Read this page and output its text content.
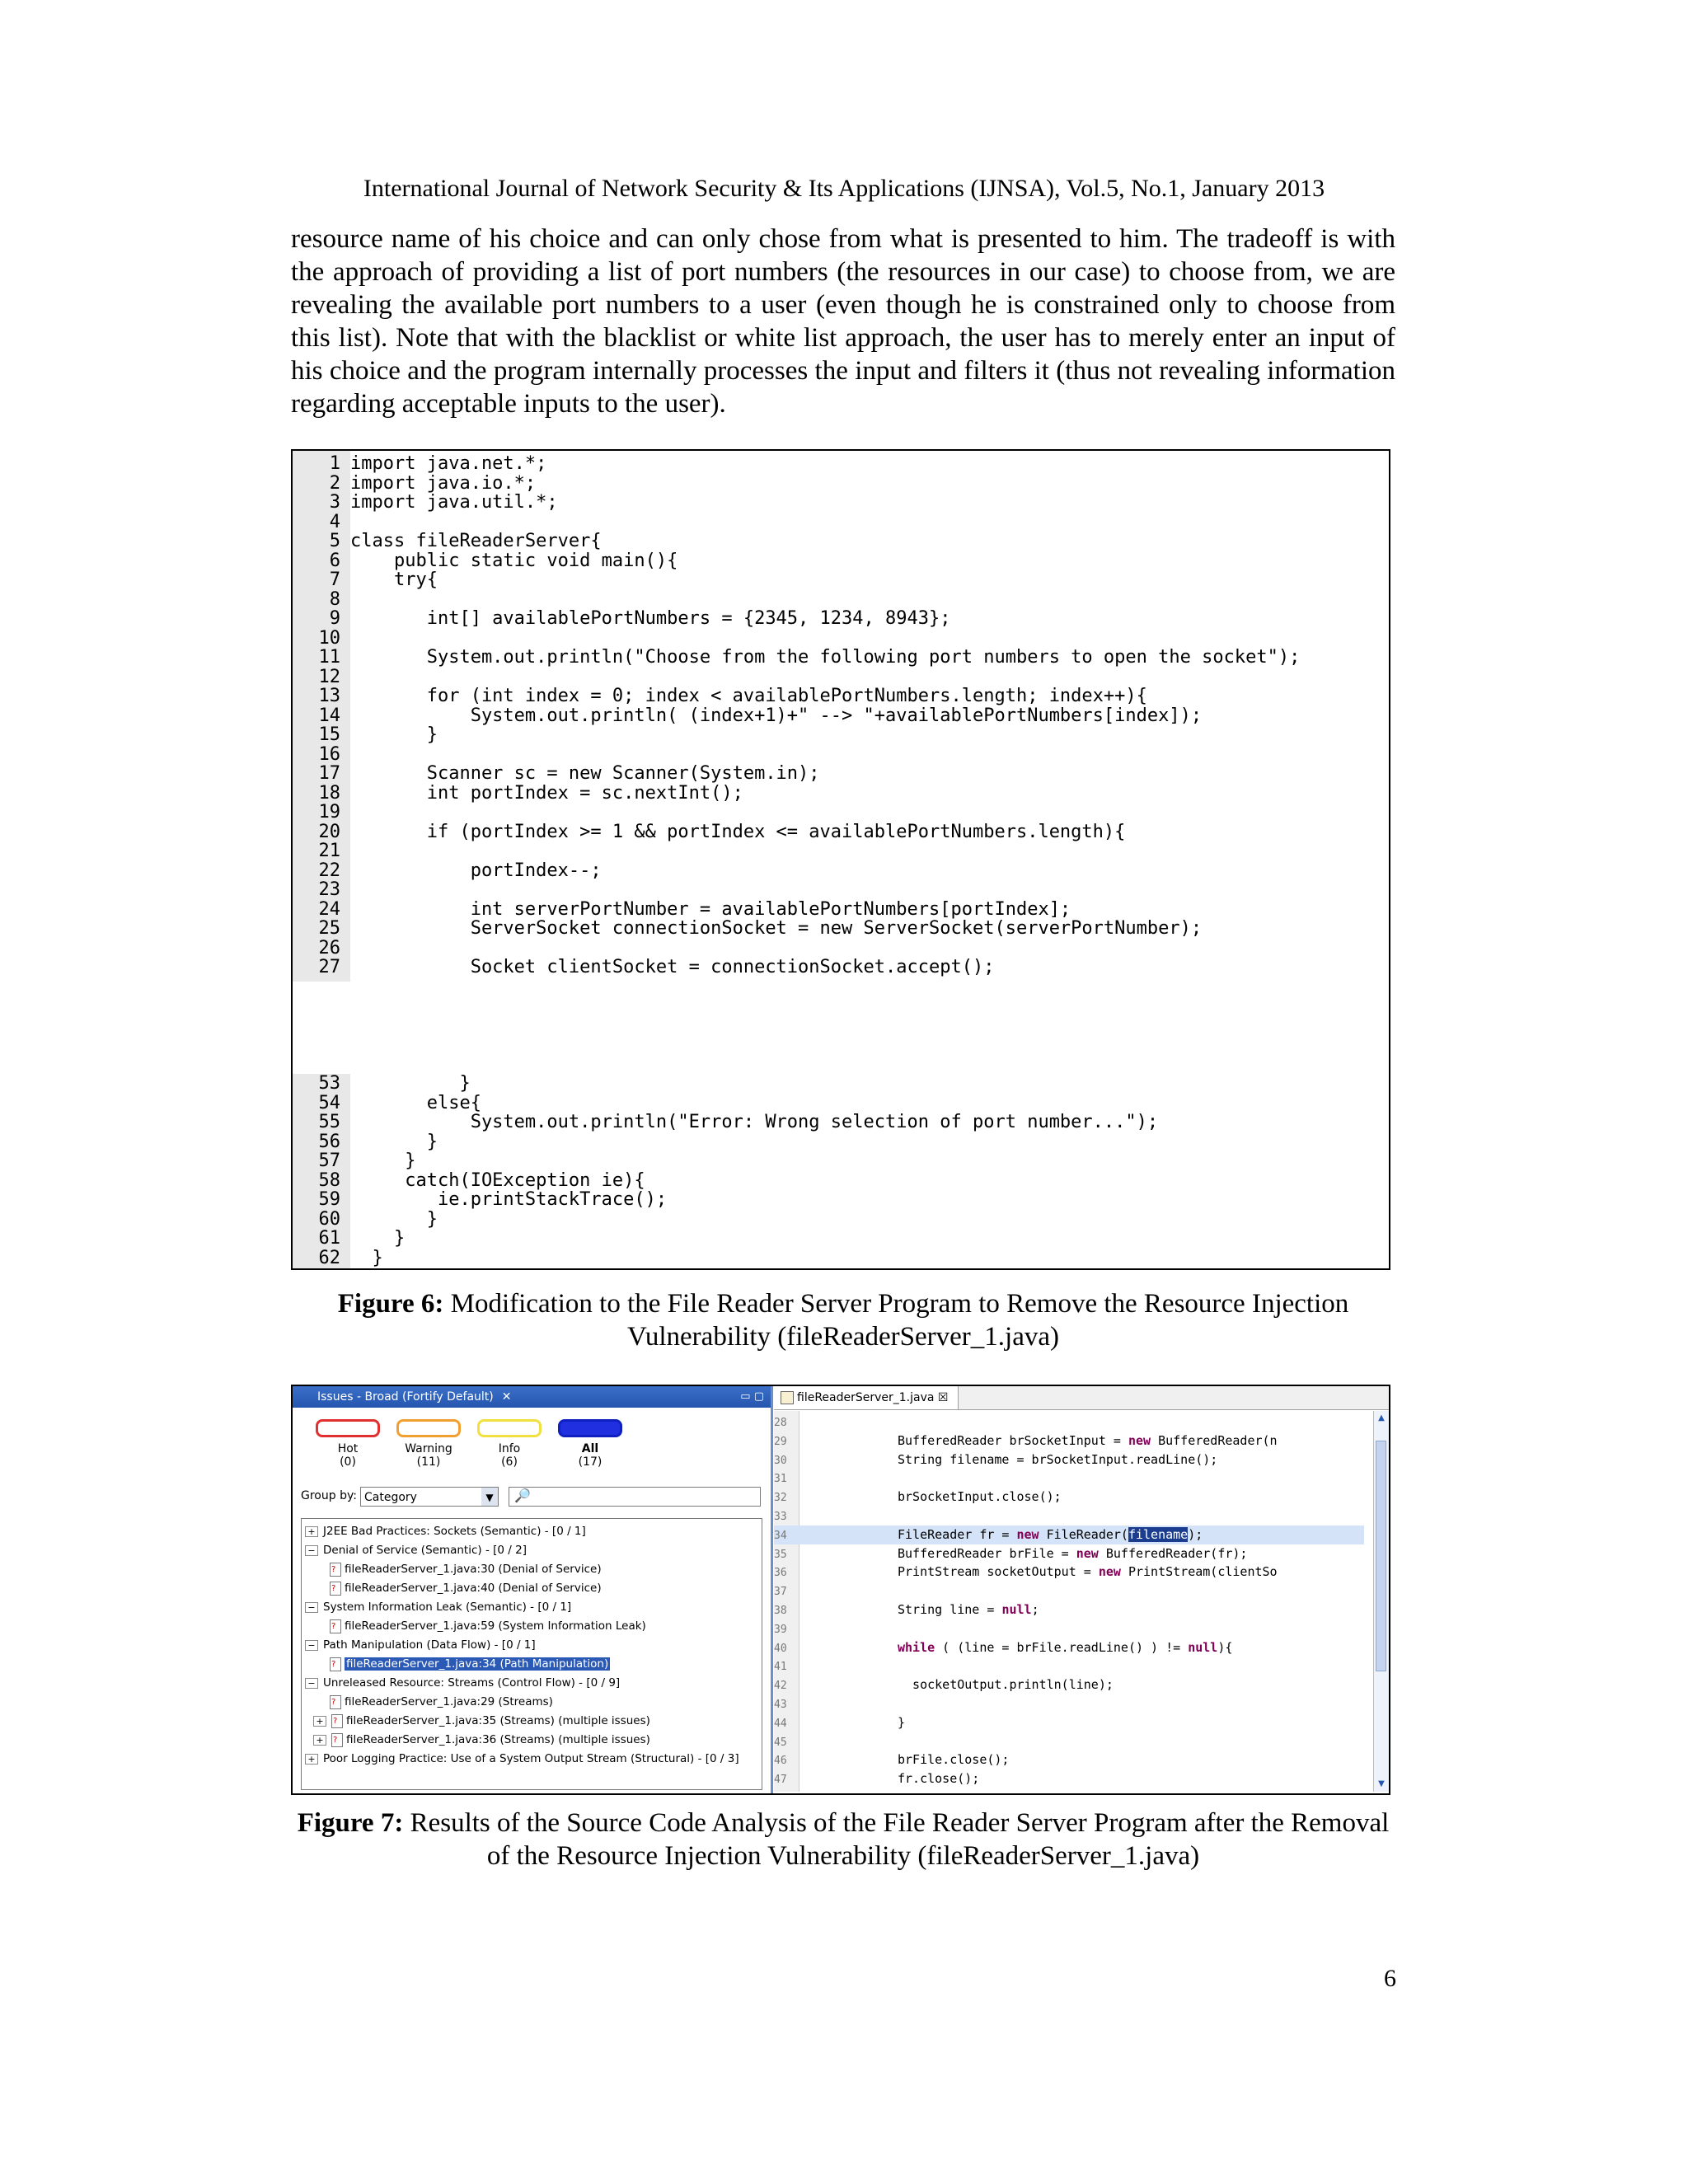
International Journal of Network Security & Its Applications (IJNSA), Vol.5, No.1, January 2013

resource name of his choice and can only chose from what is presented to him. The tradeoff is with the approach of providing a list of port numbers (the resources in our case) to choose from, we are revealing the available port numbers to a user (even though he is constrained only to choose from this list). Note that with the blacklist or white list approach, the user has to merely enter an input of his choice and the program internally processes the input and filters it (thus not revealing information regarding acceptable inputs to the user).

1 import java.net.*;
2 import java.io.*;
3 import java.util.*;
4
5 class fileReaderServer{
6 public static void main(){
7 try{
8
9 int[] availablePortNumbers = {2345, 1234, 8943};
10
11 System.out.println("Choose from the following port numbers to open the socket");
12
13 for (int index = 0; index < availablePortNumbers.length; index++){
14 System.out.println( (index+1)+" --> "+availablePortNumbers[index]);
15 }
16
17 Scanner sc = new Scanner(System.in);
18 int portIndex = sc.nextInt();
19
20 if (portIndex >= 1 && portIndex <= availablePortNumbers.length){
21
22 portIndex--;
23
24 int serverPortNumber = availablePortNumbers[portIndex];
25 ServerSocket connectionSocket = new ServerSocket(serverPortNumber);
26
27 Socket clientSocket = connectionSocket.accept();
53 }
54 else{
55 System.out.println("Error: Wrong selection of port number...");
56 }
57 }
58 catch(IOException ie){
59 ie.printStackTrace();
60 }
61 }
62 }
Figure 6: Modification to the File Reader Server Program to Remove the Resource Injection Vulnerability (fileReaderServer_1.java)
Issues - Broad (Fortify Default) ✕	▭ ▢
Hot
(0)
Warning
(11)
Info
(6)
All
(17)
Group by: Category	▼	🔎
+ J2EE Bad Practices: Sockets (Semantic) - [0 / 1]
− Denial of Service (Semantic) - [0 / 2]
?fileReaderServer_1.java:30 (Denial of Service)
?fileReaderServer_1.java:40 (Denial of Service)
− System Information Leak (Semantic) - [0 / 1]
?fileReaderServer_1.java:59 (System Information Leak)
− Path Manipulation (Data Flow) - [0 / 1]
?fileReaderServer_1.java:34 (Path Manipulation)
− Unreleased Resource: Streams (Control Flow) - [0 / 9]
?fileReaderServer_1.java:29 (Streams)
+ ? fileReaderServer_1.java:35 (Streams) (multiple issues)
+ ? fileReaderServer_1.java:36 (Streams) (multiple issues)
+ Poor Logging Practice: Use of a System Output Stream (Structural) - [0 / 3]
fileReaderServer_1.java ☒
28
29	BufferedReader brSocketInput = new BufferedReader(n
30	String filename = brSocketInput.readLine();
31
32	brSocketInput.close();
33
34	FileReader fr = new FileReader(filename);
35	BufferedReader brFile = new BufferedReader(fr);
36	PrintStream socketOutput = new PrintStream(clientSo
37
38	String line = null;
39
40	while ( (line = brFile.readLine() ) != null){
41
42	socketOutput.println(line);
43
44	}
45
46	brFile.close();
47	fr.close();
▲
▼
Figure 7: Results of the Source Code Analysis of the File Reader Server Program after the Removal of the Resource Injection Vulnerability (fileReaderServer_1.java)
6
